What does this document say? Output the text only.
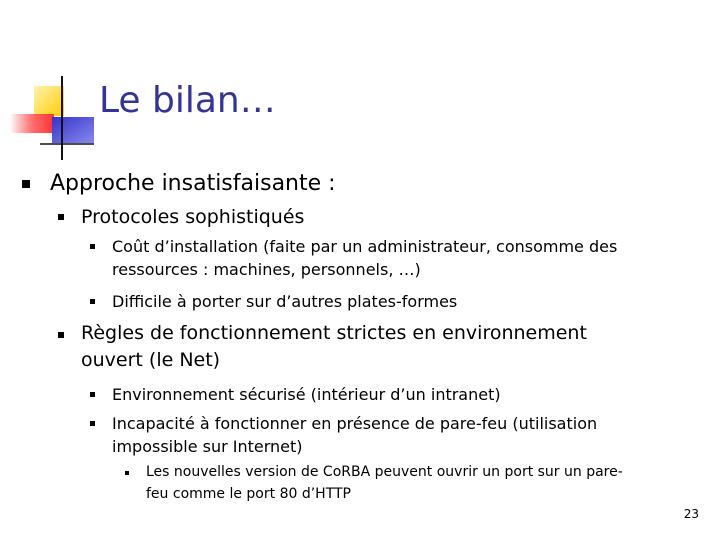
Le bilan…
Approche insatisfaisante :
Protocoles sophistiqués
Coût d’installation (faite par un administrateur, consomme des
ressources : machines, personnels, …)
Difficile à porter sur d’autres plates-formes
Règles de fonctionnement strictes en environnement
ouvert (le Net)
Environnement sécurisé (intérieur d’un intranet)
Incapacité à fonctionner en présence de pare-feu (utilisation
impossible sur Internet)
Les nouvelles version de CoRBA peuvent ouvrir un port sur un pare-
feu comme le port 80 d’HTTP
23
